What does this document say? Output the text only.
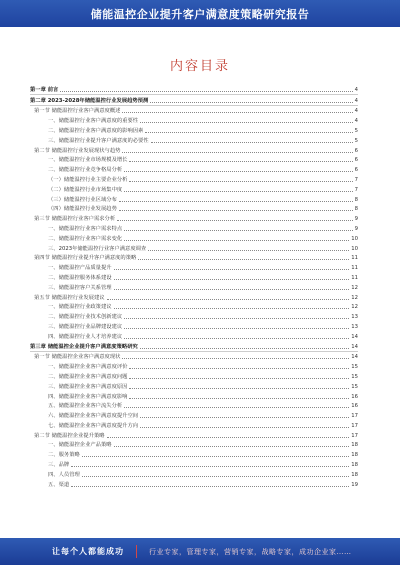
储能温控企业提升客户满意度策略研究报告
内容目录
第一章 前言	4
第二章 2023-2028年储能温控行业发展趋势预测	4
第一节 储能温控行业客户满意度概述	4
一、储能温控行业客户满意度的重要性	4
二、储能温控行业客户满意度的影响因素	5
三、储能温控行业提升客户满意度的必要性	5
第二节 储能温控行业发展现状与趋势	6
一、储能温控行业市场规模及增长	6
二、储能温控行业竞争格局分析	6
（一）储能温控行业主要企业分析	7
（二）储能温控行业市场集中度	7
（三）储能温控行业区域分布	8
（四）储能温控行业发展趋势	8
第三节 储能温控行业客户需求分析	9
一、储能温控行业客户需求特点	9
二、储能温控行业客户需求变化	10
三、2023年储能温控行业客户满意度调查	10
第四节 储能温控行业提升客户满意度的策略	11
一、储能温控产品质量提升	11
二、储能温控服务体系建设	11
三、储能温控客户关系管理	12
第五节 储能温控行业发展建议	12
一、储能温控行业政策建议	12
二、储能温控行业技术创新建议	13
三、储能温控行业品牌建设建议	13
四、储能温控行业人才培养建议	14
第三章 储能温控企业提升客户满意度策略研究	14
第一节 储能温控企业客户满意度现状	14
一、储能温控企业客户满意度评价	15
二、储能温控企业客户满意度问题	15
三、储能温控企业客户满意度原因	15
四、储能温控企业客户满意度影响	16
五、储能温控企业客户流失分析	16
六、储能温控企业客户满意度提升空间	17
七、储能温控企业客户满意度提升方向	17
第二节 储能温控企业提升策略	17
一、储能温控企业产品策略	18
二、服务策略	18
三、品牌	18
四、人员管理	18
五、渠道	19
让每个人都能成功	行业专家，管理专家，营销专家，战略专家，成功企业家……
